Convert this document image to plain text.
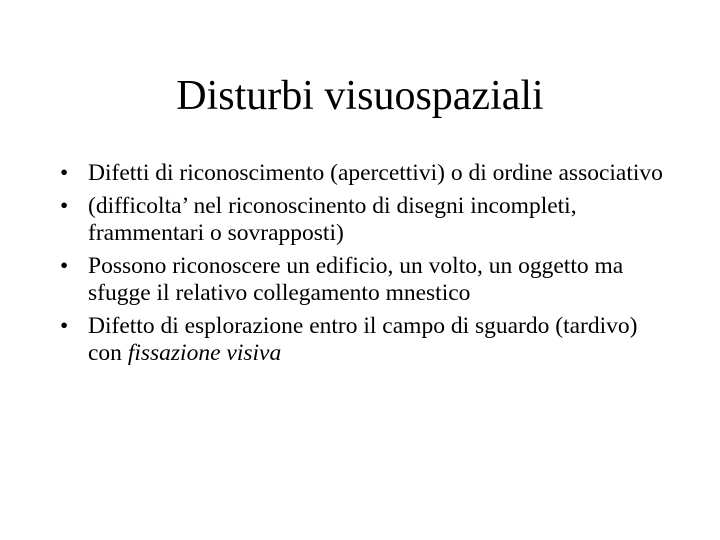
Disturbi visuospaziali
• Difetti di riconoscimento (apercettivi) o di ordine associativo
• (difficolta’ nel riconoscinento di disegni incompleti, frammentari o sovrapposti)
• Possono riconoscere un edificio, un volto, un oggetto ma sfugge il relativo collegamento mnestico
• Difetto di esplorazione entro il campo di sguardo (tardivo) con fissazione visiva
